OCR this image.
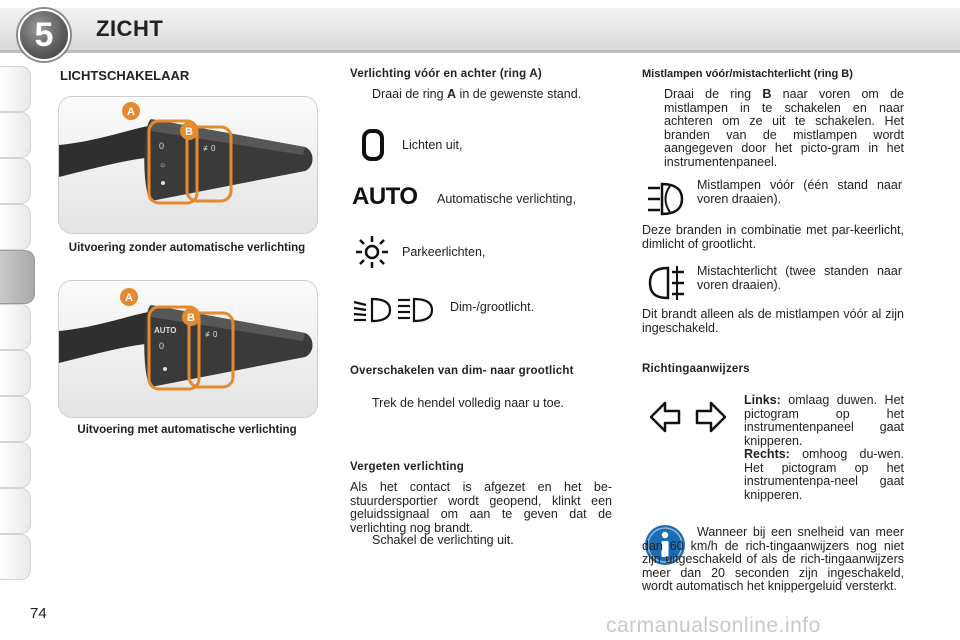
5	ZICHT
LICHTSCHAKELAAR
A
B
0
☼
≢0
Uitvoering zonder automatische verlichting
A
B
AUTO
0
≢0
Uitvoering met automatische verlichting
Verlichting vóór en achter (ring A)
Draai de ring A in de gewenste stand.
Lichten uit,
AUTO Automatische verlichting,
Parkeerlichten,
Dim-/grootlicht.
Overschakelen van dim- naar grootlicht
Trek de hendel volledig naar u toe.
Vergeten verlichting
Als het contact is afgezet en het be-stuurdersportier wordt geopend, klinkt een geluidssignaal om aan te geven dat de verlichting nog brandt.
Schakel de verlichting uit.
Mistlampen vóór/mistachterlicht (ring B)
Draai de ring B naar voren om de mistlampen in te schakelen en naar achteren om ze uit te schakelen. Het branden van de mistlampen wordt aangegeven door het picto-gram in het instrumentenpaneel.
Mistlampen vóór (één stand naar voren draaien).
Deze branden in combinatie met par-keerlicht, dimlicht of grootlicht.
Mistachterlicht (twee standen naar voren draaien).
Dit brandt alleen als de mistlampen vóór al zijn ingeschakeld.
Richtingaanwijzers
Links: omlaag duwen. Het pictogram op het instrumentenpaneel gaat knipperen.
Rechts: omhoog du-wen. Het pictogram op het instrumentenpa-neel gaat knipperen.
Wanneer bij een snelheid van meer dan 60 km/h de rich-tingaanwijzers nog niet zijn uitgeschakeld of als de rich-tingaanwijzers meer dan 20 seconden zijn ingeschakeld, wordt automatisch het knippergeluid versterkt.
74
carmanualsonline.info
